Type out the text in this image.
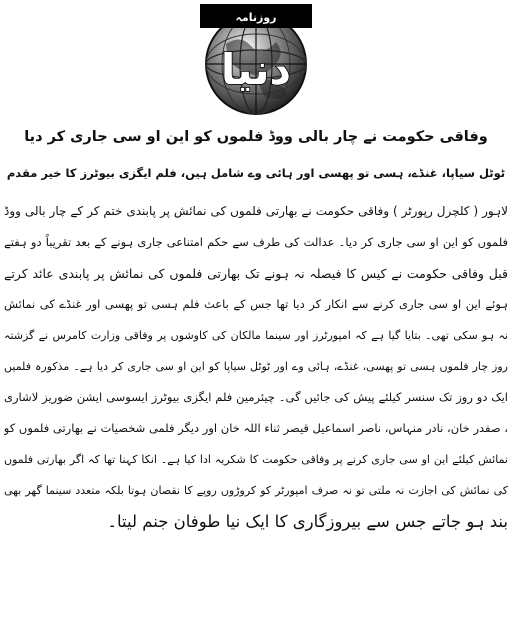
روزنامہ
دنیا
وفاقی حکومت نے چار بالی ووڈ فلموں کو این او سی جاری کر دیا
ٹوٹل سیاپا، غنڈے، ہسی تو پھسی اور ہائی وے شامل ہیں، فلم ایگزی بیوٹرز کا خیر مقدم
لاہور ( کلچرل رپورٹر ) وفاقی حکومت نے بھارتی فلموں کی نمائش پر پابندی ختم کر کے چار بالی ووڈ
فلموں کو این او سی جاری کر دیا۔ عدالت کی طرف سے حکم امتناعی جاری ہونے کے بعد تقریباً دو ہفتے
قبل وفاقی حکومت نے کیس کا فیصلہ نہ ہونے تک بھارتی فلموں کی نمائش پر پابندی عائد کرتے
ہوئے این او سی جاری کرنے سے انکار کر دیا تھا جس کے باعث فلم ہسی تو پھسی اور غنڈے کی نمائش
نہ ہو سکی تھی۔ بتایا گیا ہے کہ امپورٹرز اور سینما مالکان کی کاوشوں پر وفاقی وزارت کامرس نے گزشتہ
روز چار فلموں ہسی تو پھسی، غنڈے، ہائی وے اور ٹوٹل سیاپا کو این او سی جاری کر دیا ہے۔ مذکورہ فلمیں
ایک دو روز تک سنسر کیلئے پیش کی جائیں گی۔ چیئرمین فلم ایگزی بیوٹرز ایسوسی ایشن ضوریز لاشاری
، صفدر خان، نادر منہاس، ناصر اسماعیل قیصر ثناء اللہ خان اور دیگر فلمی شخصیات نے بھارتی فلموں کو
نمائش کیلئے این او سی جاری کرنے پر وفاقی حکومت کا شکریہ ادا کیا ہے۔ انکا کہنا تھا کہ اگر بھارتی فلموں
کی نمائش کی اجازت نہ ملتی تو نہ صرف امپورٹر کو کروڑوں روپے کا نقصان ہوتا بلکہ متعدد سینما گھر بھی
بند ہو جاتے جس سے بیروزگاری کا ایک نیا طوفان جنم لیتا۔
